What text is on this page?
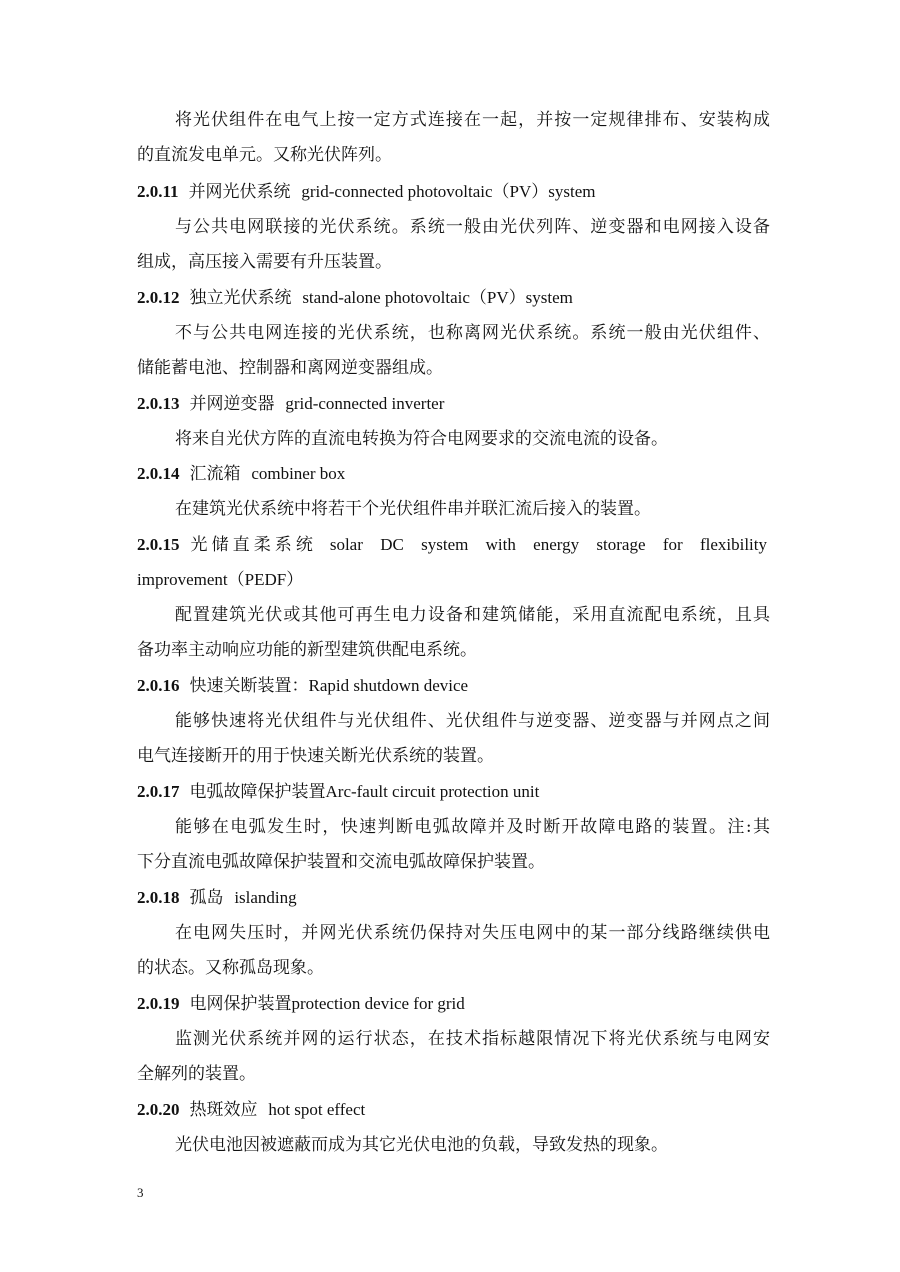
将光伏组件在电气上按一定方式连接在一起，并按一定规律排布、安装构成
的直流发电单元。又称光伏阵列。
2.0.11 并网光伏系统 grid-connected photovoltaic（PV）system
与公共电网联接的光伏系统。系统一般由光伏列阵、逆变器和电网接入设备
组成，高压接入需要有升压装置。
2.0.12 独立光伏系统 stand-alone photovoltaic（PV）system
不与公共电网连接的光伏系统，也称离网光伏系统。系统一般由光伏组件、
储能蓄电池、控制器和离网逆变器组成。
2.0.13 并网逆变器 grid-connected inverter
将来自光伏方阵的直流电转换为符合电网要求的交流电流的设备。
2.0.14 汇流箱 combiner box
在建筑光伏系统中将若干个光伏组件串并联汇流后接入的装置。
2.0.15 光储直柔系统 solar DC system with energy storage for flexibility
improvement（PEDF）
配置建筑光伏或其他可再生电力设备和建筑储能，采用直流配电系统，且具
备功率主动响应功能的新型建筑供配电系统。
2.0.16 快速关断装置：Rapid shutdown device
能够快速将光伏组件与光伏组件、光伏组件与逆变器、逆变器与并网点之间
电气连接断开的用于快速关断光伏系统的装置。
2.0.17 电弧故障保护装置Arc-fault circuit protection unit
能够在电弧发生时，快速判断电弧故障并及时断开故障电路的装置。注:其
下分直流电弧故障保护装置和交流电弧故障保护装置。
2.0.18 孤岛 islanding
在电网失压时，并网光伏系统仍保持对失压电网中的某一部分线路继续供电
的状态。又称孤岛现象。
2.0.19 电网保护装置protection device for grid
监测光伏系统并网的运行状态，在技术指标越限情况下将光伏系统与电网安
全解列的装置。
2.0.20 热斑效应 hot spot effect
光伏电池因被遮蔽而成为其它光伏电池的负载，导致发热的现象。
3
